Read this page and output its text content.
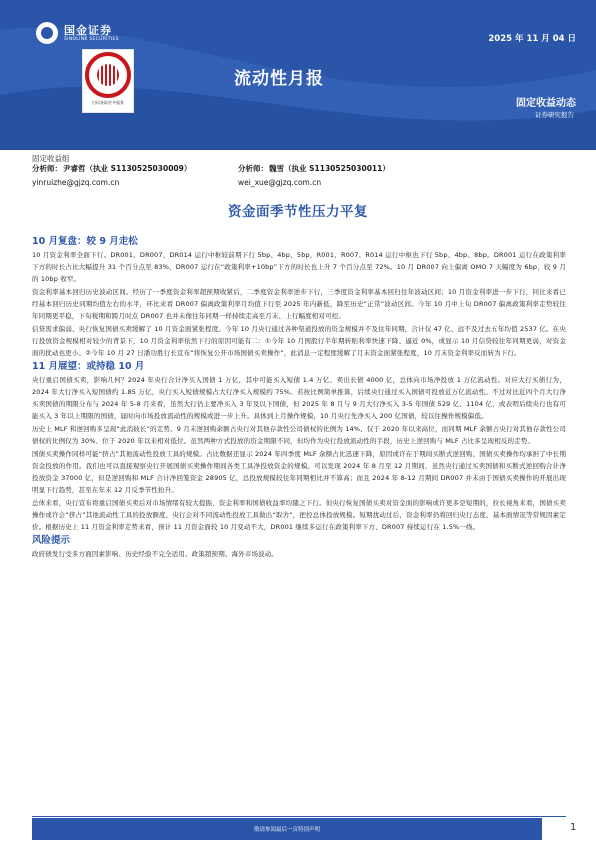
国金证券
SINOLINK SECURITIES	2025 年 11 月 04 日
扫码获取更多服务
流动性月报
固定收益动态
证券研究报告
固定收益组
分析师：尹睿哲（执业 S1130525030009）
yinruizhe@gjzq.com.cn
分析师：魏雪（执业 S1130525030011）
wei_xue@gjzq.com.cn
资金面季节性压力平复
10 月复盘：较 9 月走松

10 月资金利率全面下行。DR001、DR007、DR014 运行中枢较前期下行 5bp、4bp、5bp，R001、R007、R014 运行中枢也下行 5bp、4bp、8bp。DR001 运行在政策利率下方的时长占比大幅提升 31 个百分点至 83%，DR007 运行在“政策利率+10bp”下方的时长也上升 7 个百分点至 72%。10 月 DR007 向上偏离 OMO 7 天幅度为 6bp，较 9 月的 10bp 收窄。

资金利率基本回归历史波动区间。经历了一季度资金利率超预期收紧后，二季度资金利率逆步下行，三季度资金利率基本回归往年波动区间；10 月资金利率进一步下行，同比来看已经基本回归历史同期均值左右的水平，环比来看 DR007 偏离政策利率月均值下行至 2025 年内新低，降至历史“正常”波动区间。今年 10 月中上旬 DR007 偏离政策利率走势较往年同期更平稳，下旬税期和跨月时点 DR007 也并未像往年同期一样持续走高至月末、上行幅度相对可控。

信贷需求偏弱、央行恢复国债买卖缓解了 10 月资金面紧张程度。今年 10 月央行通过各种渠道投放的资金规模并不及往年同期，合计仅 47 亿，远不及过去五年均值 2537 亿。在央行投放资金规模相对较少的背景下，10 月资金利率依然下行的原因可能有二：①今年 10 月国股行半年期转贴利率快速下降、逼近 0%，或显示 10 月信贷较往年同期更弱，对资金面的扰动也更小。②今年 10 月 27 日潘功胜行长宣布“将恢复公开市场国债买卖操作”，此消息一定程度缓解了月末资金面紧张程度，10 月末资金利率反而转为下行。

11 月展望：或持稳 10 月

央行重启国债买卖，影响几何？2024 年央行合计净买入国债 1 万亿，其中可能买入短债 1.4 万亿、卖出长债 4000 亿，总体向市场净投放 1 万亿流动性。对应大行买债行为，2024 年大行净买入短国债约 1.85 万亿，央行买入短债规模占大行净买入规模约 75%。若按比例简单推算，后续央行通过买入国债可投放近万亿流动性。不过对比近四个月大行净买卖国债的期限分布与 2024 年 5-8 月来看，虽然大行仍主要净买入 3 年及以下国债，但 2025 年 8 月与 9 月大行净买入 3-5 年国债 529 亿、1104 亿，或表明后续央行也有可能买入 3 年以上期限的国债，届时向市场投放流动性的规模或进一步上升。具体到上月操作规模，10 月央行先净买入 200 亿国债，较以往操作规模偏低。

历史上 MLF 和逆回购多呈现“此消彼长”的走势。9 月末逆回购余额占央行对其他存款性公司债权的比例为 14%、仅于 2020 年以来高位，而同期 MLF 余额占央行对其他存款性公司债权的比例仅为 30%、位于 2020 年以来相对低位。虽然两种方式投放的资金期限不同，但均作为央行投放流动性的手段，历史上逆回购与 MLF 占比多呈现相反的走势。

国债买卖操作同样可能“挤占”其他流动性投放工具的规模。占比数据还显示 2024 年四季度 MLF 余额占比迅速下降，原因或许在于期间买断式逆回购、国债买卖操作均承担了中长期资金投放的作用。我们也可以直接观察央行开展国债买卖操作期间各类工具净投放资金的规模。可以发现 2024 年 8 月至 12 月期间，虽然央行通过买卖国债和买断式逆回购合计净投放资金 37000 亿，但是逆回购和 MLF 合计净回笼资金 28905 亿，总投放规模较往年同期相比并不算高；而且 2024 年 8-12 月期间 DR007 并未由于国债买卖操作的开展出现明显下行趋势，甚至在年末 12 月反季节性抬升。

总体来看，央行宣布将重启国债买卖后对市场情绪有较大提振，资金利率和国债收益率均随之下行。但央行恢复国债买卖对资金面的影响或许更多是短期的，拉长视角来看，国债买卖操作或许会“挤占”其他流动性工具的投放额度，央行会对不同流动性投放工具做出“取舍”，把控总体投放规模。短期扰动过后，资金利率仍将回归央行态度、基本面情况等常规因素定价。根据历史上 11 月资金利率走势来看，预计 11 月资金面较 10 月变动不大，DR001 继续多运行在政策利率下方、DR007 持续运行在 1.5%一线。

风险提示

政府债发行受多方面因素影响、历史经验不完全适用、政策超预期、海外市场波动。

敬请参阅最后一页特别声明	1
